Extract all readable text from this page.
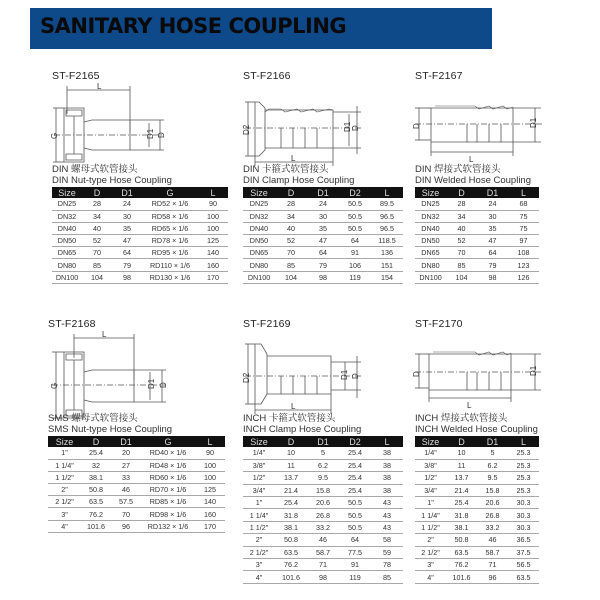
SANITARY HOSE COUPLING
ST-F2165
L
G	D1 D
DIN 螺母式软管接头
DIN Nut-type Hose Coupling
Size	D	D1	G	L
DN25	28	24	RD52 × 1/6	90
DN32	34	30	RD58 × 1/6	100
DN40	40	35	RD65 × 1/6	100
DN50	52	47	RD78 × 1/6	125
DN65	70	64	RD95 × 1/6	140
DN80	85	79	RD110 × 1/6	160
DN100	104	98	RD130 × 1/6	170
ST-F2166
D2	D1 D
L
DIN 卡箍式软管接头
DIN Clamp Hose Coupling
Size	D	D1	D2	L
DN25	28	24	50.5	89.5
DN32	34	30	50.5	96.5
DN40	40	35	50.5	96.5
DN50	52	47	64	118.5
DN65	70	64	91	136
DN80	85	79	106	151
DN100	104	98	119	154
ST-F2167
D	D1
L
DIN 焊接式软管接头
DIN Welded Hose Coupling
Size	D	D1	L
DN25	28	24	68
DN32	34	30	75
DN40	40	35	75
DN50	52	47	97
DN65	70	64	108
DN80	85	79	123
DN100	104	98	126
ST-F2168
L
G	D1 D
SMS 螺母式软管接头
SMS Nut-type Hose Coupling
Size	D	D1	G	L
1"	25.4	20	RD40 × 1/6	90
1 1/4"	32	27	RD48 × 1/6	100
1 1/2"	38.1	33	RD60 × 1/6	100
2"	50.8	46	RD70 × 1/6	125
2 1/2"	63.5	57.5	RD85 × 1/6	140
3"	76.2	70	RD98 × 1/6	160
4"	101.6	96	RD132 × 1/6	170
ST-F2169
D2	D1 D
L
INCH 卡箍式软管接头
INCH Clamp Hose Coupling
Size	D	D1	D2	L
1/4"	10	5	25.4	38
3/8"	11	6.2	25.4	38
1/2"	13.7	9.5	25.4	38
3/4"	21.4	15.8	25.4	38
1"	25.4	20.6	50.5	43
1 1/4"	31.8	26.8	50.5	43
1 1/2"	38.1	33.2	50.5	43
2"	50.8	46	64	58
2 1/2"	63.5	58.7	77.5	59
3"	76.2	71	91	78
4"	101.6	98	119	85
ST-F2170
D	D1
L
INCH 焊接式软管接头
INCH Welded Hose Coupling
Size	D	D1	L
1/4"	10	5	25.3
3/8"	11	6.2	25.3
1/2"	13.7	9.5	25.3
3/4"	21.4	15.8	25.3
1"	25.4	20.6	30.3
1 1/4"	31.8	26.8	30.3
1 1/2"	38.1	33.2	30.3
2"	50.8	46	36.5
2 1/2"	63.5	58.7	37.5
3"	76.2	71	56.5
4"	101.6	96	63.5
